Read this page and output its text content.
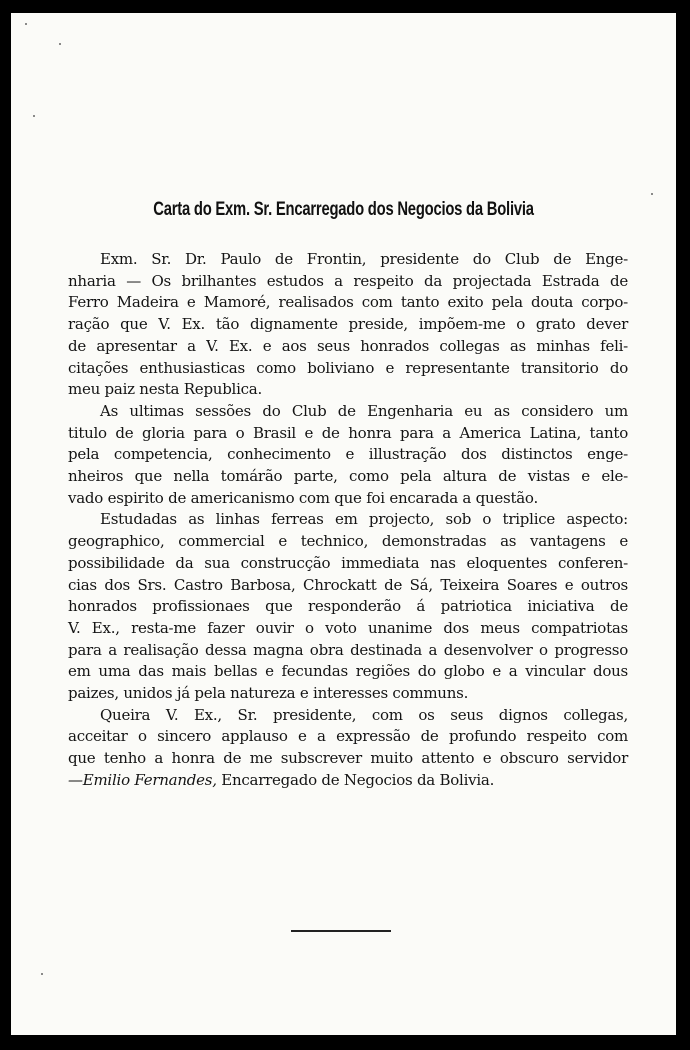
Carta do Exm. Sr. Encarregado dos Negocios da Bolivia
Exm. Sr. Dr. Paulo de Frontin, presidente do Club de Enge-
nharia — Os brilhantes estudos a respeito da projectada Estrada de
Ferro Madeira e Mamoré, realisados com tanto exito pela douta corpo-
ração que V. Ex. tão dignamente preside, impõem-me o grato dever
de apresentar a V. Ex. e aos seus honrados collegas as minhas feli-
citações enthusiasticas como boliviano e representante transitorio do
meu paiz nesta Republica.
As ultimas sessões do Club de Engenharia eu as considero um
titulo de gloria para o Brasil e de honra para a America Latina, tanto
pela competencia, conhecimento e illustração dos distinctos enge-
nheiros que nella tomárão parte, como pela altura de vistas e ele-
vado espirito de americanismo com que foi encarada a questão.
Estudadas as linhas ferreas em projecto, sob o triplice aspecto:
geographico, commercial e technico, demonstradas as vantagens e
possibilidade da sua construcção immediata nas eloquentes conferen-
cias dos Srs. Castro Barbosa, Chrockatt de Sá, Teixeira Soares e outros
honrados profissionaes que responderão á patriotica iniciativa de
V. Ex., resta-me fazer ouvir o voto unanime dos meus compatriotas
para a realisação dessa magna obra destinada a desenvolver o progresso
em uma das mais bellas e fecundas regiões do globo e a vincular dous
paizes, unidos já pela natureza e interesses communs.
Queira V. Ex., Sr. presidente, com os seus dignos collegas,
acceitar o sincero applauso e a expressão de profundo respeito com
que tenho a honra de me subscrever muito attento e obscuro servidor
—Emilio Fernandes, Encarregado de Negocios da Bolivia.
